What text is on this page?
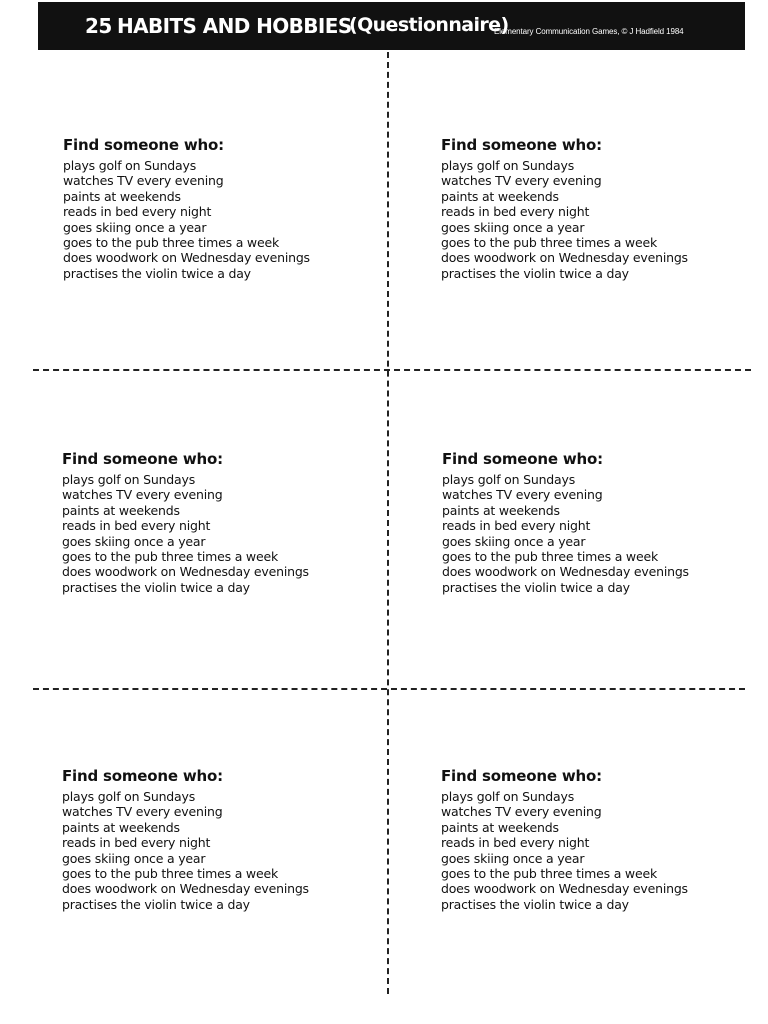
25 HABITS AND HOBBIES
(Questionnaire)
Elementary Communication Games, © J Hadfield 1984
Find someone who:
plays golf on Sundays
watches TV every evening
paints at weekends
reads in bed every night
goes skiing once a year
goes to the pub three times a week
does woodwork on Wednesday evenings
practises the violin twice a day
Find someone who:
plays golf on Sundays
watches TV every evening
paints at weekends
reads in bed every night
goes skiing once a year
goes to the pub three times a week
does woodwork on Wednesday evenings
practises the violin twice a day
Find someone who:
plays golf on Sundays
watches TV every evening
paints at weekends
reads in bed every night
goes skiing once a year
goes to the pub three times a week
does woodwork on Wednesday evenings
practises the violin twice a day
Find someone who:
plays golf on Sundays
watches TV every evening
paints at weekends
reads in bed every night
goes skiing once a year
goes to the pub three times a week
does woodwork on Wednesday evenings
practises the violin twice a day
Find someone who:
plays golf on Sundays
watches TV every evening
paints at weekends
reads in bed every night
goes skiing once a year
goes to the pub three times a week
does woodwork on Wednesday evenings
practises the violin twice a day
Find someone who:
plays golf on Sundays
watches TV every evening
paints at weekends
reads in bed every night
goes skiing once a year
goes to the pub three times a week
does woodwork on Wednesday evenings
practises the violin twice a day
